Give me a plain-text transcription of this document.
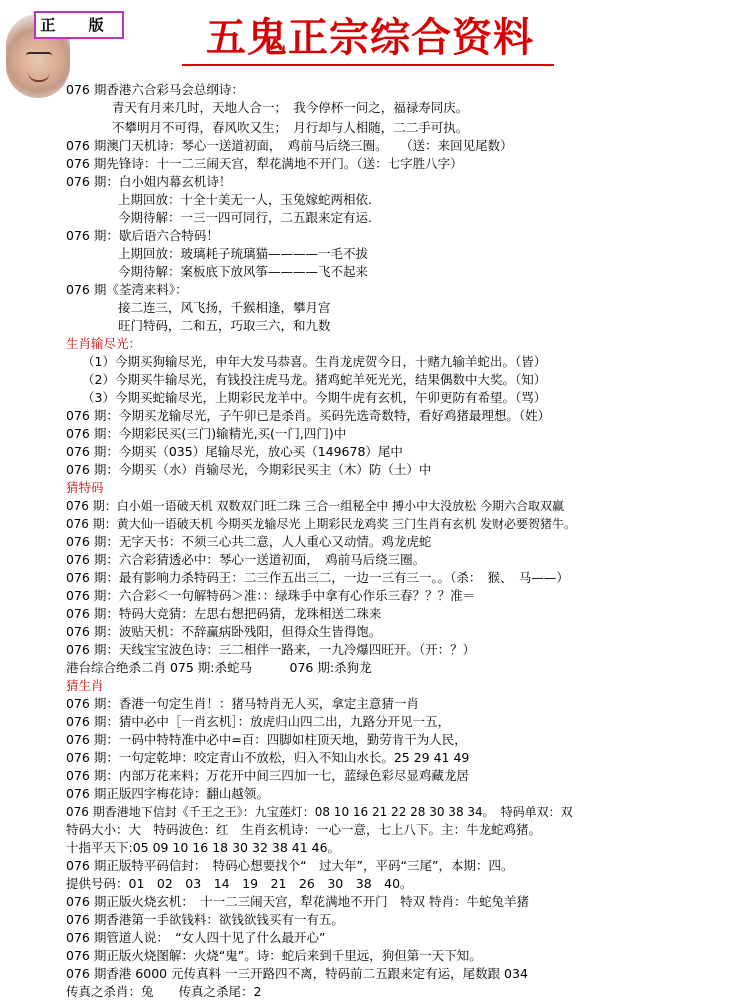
正 版	五鬼正宗综合资料
076 期香港六合彩马会总纲诗：
青天有月来几时，天地人合一；　我今停杯一问之，福禄寿同庆。
不攀明月不可得，春风吹又生；　月行却与人相随，二二手可执。
076 期澳门天机诗：琴心一送道初面，　鸡前马后绕三圈。　　（送：来回见尾数）
076 期先锋诗：十一二三闹天宫，犁花满地不开门。（送：七字胜八字）
076 期：白小姐内幕玄机诗！
上期回放：十全十美无一人，玉兔嫁蛇两相依.
今期待解：一三一四可同行，二五跟来定有运.
076 期：歇后语六合特码！
上期回放：玻璃耗子琉璃猫————一毛不拔
今期待解：案板底下放风筝————飞不起来
076 期《荃湾来料》：
接二连三，风飞扬，千猴相逢，攀月宫
旺门特码，二和五，巧取三六，和九数
生肖输尽光：
（1）今期买狗输尽光，申年大发马恭喜。生肖龙虎贺今日，十赌九输羊蛇出。（皆）
（2）今期买牛输尽光，有钱投注虎马龙。猪鸡蛇羊死光光，结果偶数中大奖。（知）
（3）今期买蛇输尽光，上期彩民龙羊中。今期牛虎有玄机，午卯更防有希望。（骂）
076 期：今期买龙输尽光，子午卯已是杀肖。买码先选奇数特，看好鸡猪最理想。（姓）
076 期：今期彩民买(三门)输精光,买(一门,四门)中
076 期：今期买（035）尾输尽光，放心买（149678）尾中
076 期：今期买（水）肖输尽光，今期彩民买主（木）防（土）中
猜特码
076 期：白小姐一语破天机 双数双门旺二珠 三合一组秘全中 搏小中大没放松 今期六合取双赢
076 期：黄大仙一语破天机 今期买龙输尽光 上期彩民龙鸡奖 三门生肖有玄机 发财必要贺猪牛。
076 期：无字天书：不须三心共二意，人人重心又动情。鸡龙虎蛇
076 期：六合彩猜透必中：琴心一送道初面，　鸡前马后绕三圈。
076 期：最有影响力杀特码王：二三作五出三二，一边一三有三一。。（杀：　猴、　马——）
076 期：六合彩＜一句解特码＞准：：绿珠手中拿有心作乐三春？？？准＝
076 期：特码大竞猜：左思右想把码猜，龙珠相送二珠来
076 期：波贴天机：不辞赢病卧残阳，但得众生皆得饱。
076 期：天线宝宝波色诗：三二相伴一路来，一九冷爆四旺开。（开：？）
港台综合绝杀二肖 075 期:杀蛇马　　　076 期:杀狗龙
猜生肖
076 期：香港一句定生肖！：猪马特肖无人买，拿定主意猜一肖
076 期：猜中必中［一肖玄机］：放虎归山四二出，九路分开见一五，
076 期：一码中特特准中必中=百：四脚如柱顶天地，勤劳肯干为人民，
076 期：一句定乾坤：咬定青山不放松，归入不知山水长。25 29 41 49
076 期：内部万花来料；万花开中间三四加一七，蓝绿色彩尽显鸡藏龙居
076 期正版四字梅花诗：翻山越领。
076 期香港地下信封《千王之王》：九宝莲灯：08 10 16 21 22 28 30 38 34。　特码单双：双
特码大小：大　特码波色：红　生肖玄机诗：一心一意，七上八下。主：牛龙蛇鸡猪。
十指平天下:05 09 10 16 18 30 32 38 41 46。
076 期正版特平码信封：　特码心想要找个“　过大年”，平码“三尾”，本期：四。
提供号码：01　02　03　14　19　21　26　30　38　40。
076 期正版火烧玄机：　十一二三闹天宫，犁花满地不开门　特双 特肖：牛蛇兔羊猪
076 期香港第一手欲钱料：欲钱欲钱买有一有五。
076 期管道人说：　“女人四十见了什么最开心”
076 期正版火烧图解：火烧“鬼”。诗：蛇后来到千里远，狗但第一天下知。
076 期香港 6000 元传真料 一三开路四不离，特码前二五跟来定有运，尾数跟 034
传真之杀肖：兔　　传真之杀尾：2
